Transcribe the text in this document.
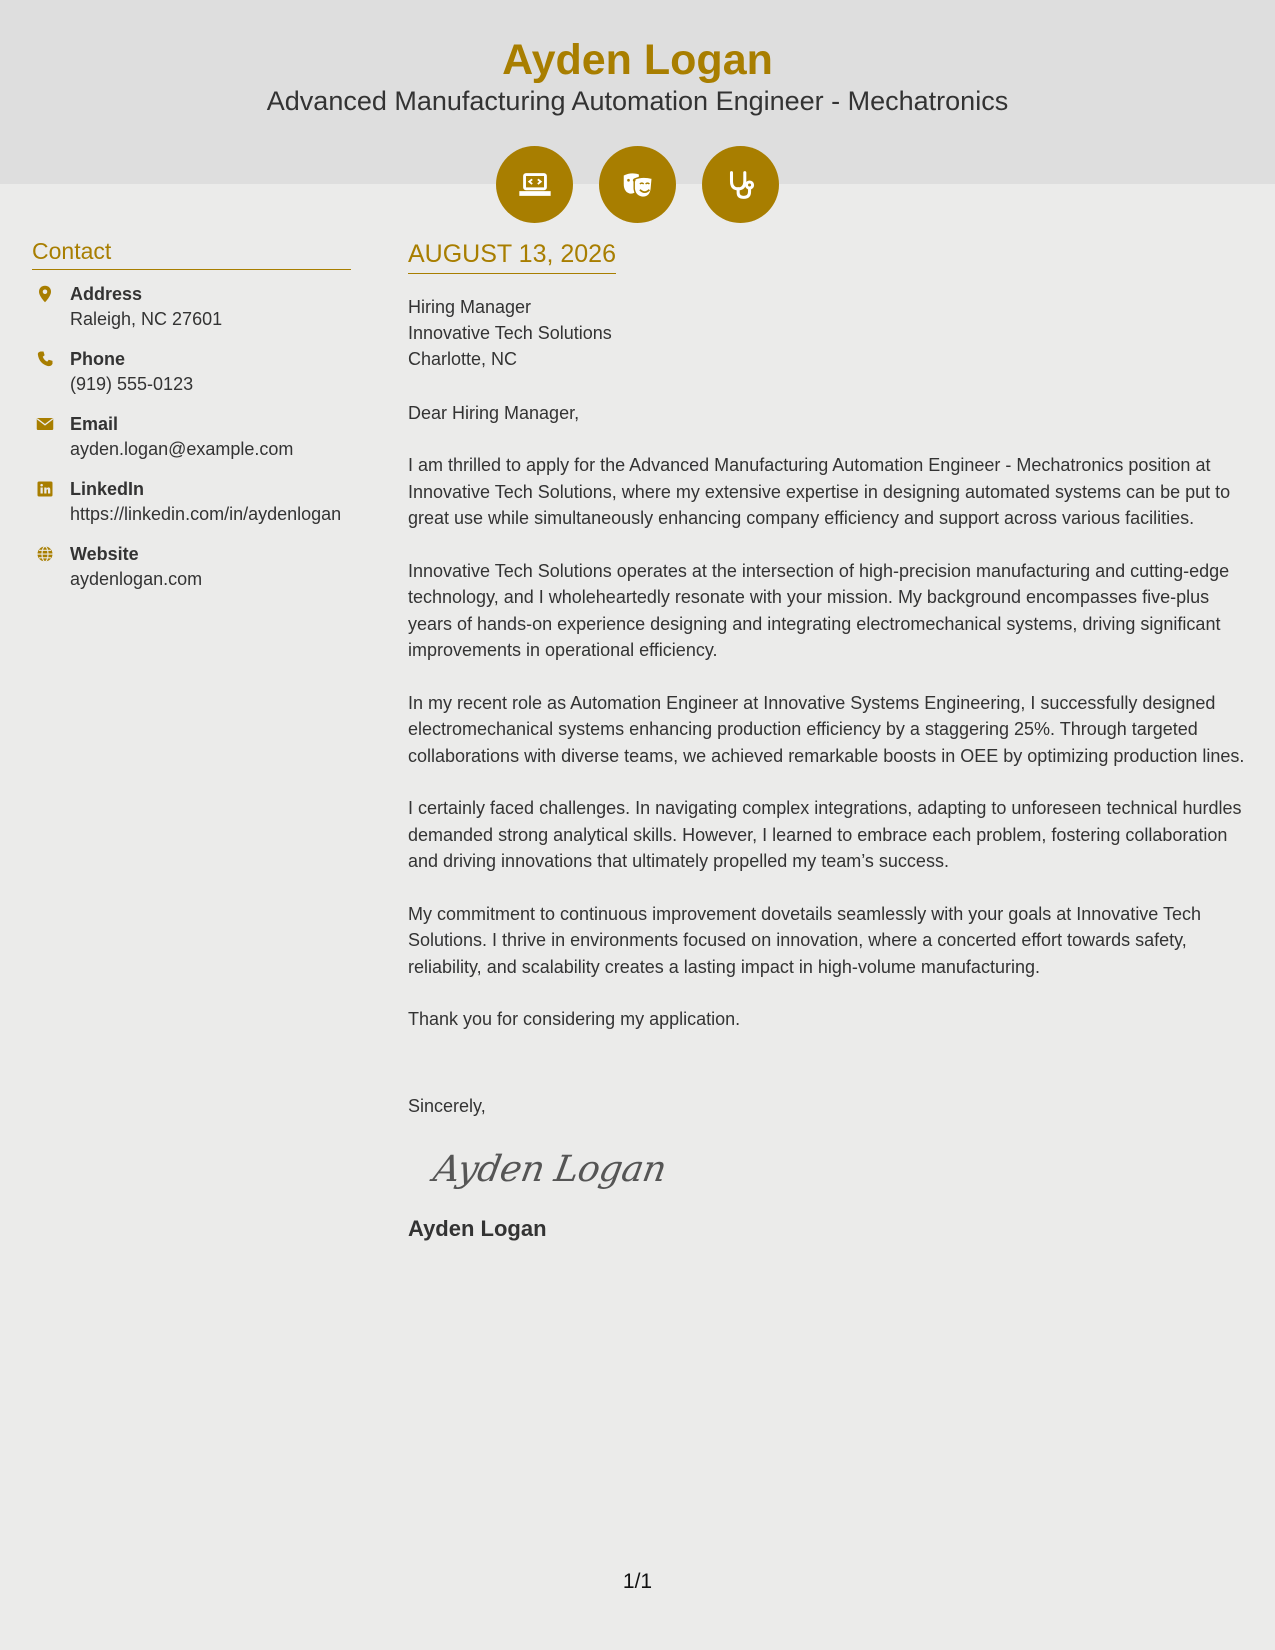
Ayden Logan
Advanced Manufacturing Automation Engineer - Mechatronics
Contact
Address
Raleigh, NC 27601
Phone
(919) 555-0123
Email
ayden.logan@example.com
LinkedIn
https://linkedin.com/in/aydenlogan
Website
aydenlogan.com
AUGUST 13, 2026
Hiring Manager
Innovative Tech Solutions
Charlotte, NC
Dear Hiring Manager,

I am thrilled to apply for the Advanced Manufacturing Automation Engineer - Mechatronics position at Innovative Tech Solutions, where my extensive expertise in designing automated systems can be put to great use while simultaneously enhancing company efficiency and support across various facilities.

Innovative Tech Solutions operates at the intersection of high-precision manufacturing and cutting-edge technology, and I wholeheartedly resonate with your mission. My background encompasses five-plus years of hands-on experience designing and integrating electromechanical systems, driving significant improvements in operational efficiency.

In my recent role as Automation Engineer at Innovative Systems Engineering, I successfully designed electromechanical systems enhancing production efficiency by a staggering 25%. Through targeted collaborations with diverse teams, we achieved remarkable boosts in OEE by optimizing production lines.

I certainly faced challenges. In navigating complex integrations, adapting to unforeseen technical hurdles demanded strong analytical skills. However, I learned to embrace each problem, fostering collaboration and driving innovations that ultimately propelled my team’s success.

My commitment to continuous improvement dovetails seamlessly with your goals at Innovative Tech Solutions. I thrive in environments focused on innovation, where a concerted effort towards safety, reliability, and scalability creates a lasting impact in high-volume manufacturing.

Thank you for considering my application.

Sincerely,
Ayden Logan
Ayden Logan
1/1
